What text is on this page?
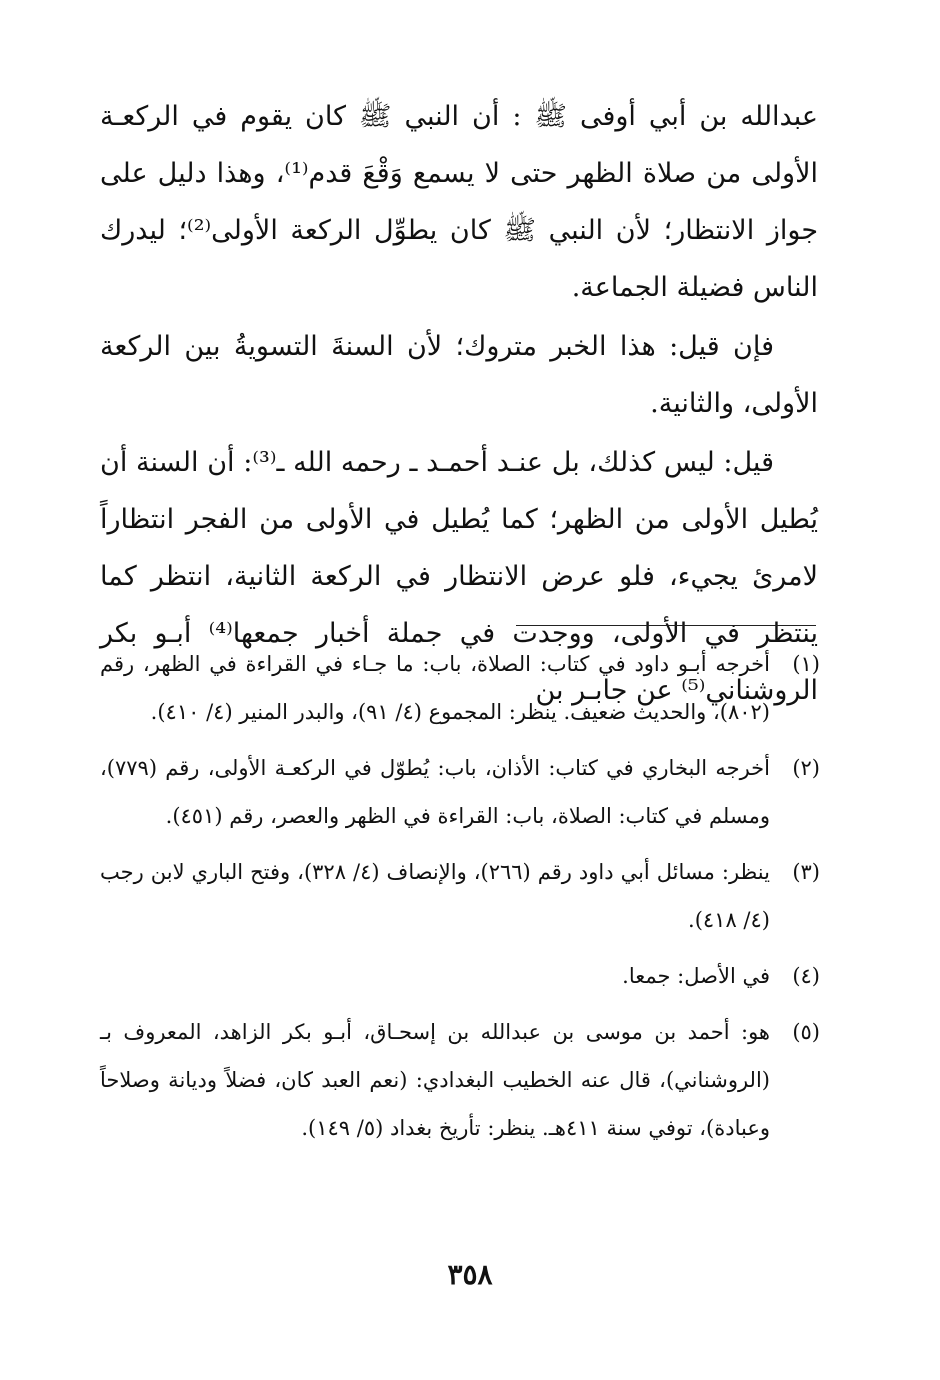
عبدالله بن أبي أوفى ﷺ : أن النبي ﷺ كان يقوم في الركعـة الأولى من صلاة الظهر حتى لا يسمع وَقْعَ قدم⁽¹⁾، وهذا دليل على جواز الانتظار؛ لأن النبي ﷺ كان يطوِّل الركعة الأولى⁽²⁾؛ ليدرك الناس فضيلة الجماعة.

فإن قيل: هذا الخبر متروك؛ لأن السنةَ التسويةُ بين الركعة الأولى، والثانية.

قيل: ليس كذلك، بل عنـد أحمـد ـ رحمه الله ـ⁽³⁾: أن السنة أن يُطيل الأولى من الظهر؛ كما يُطيل في الأولى من الفجر انتظاراً لامرئ يجيء، فلو عرض الانتظار في الركعة الثانية، انتظر كما ينتظر في الأولى، ووجدت في جملة أخبار جمعها⁽⁴⁾ أبـو بكر الروشناني⁽⁵⁾ عن جابـر بن

(١)
أخرجه أبـو داود في كتاب: الصلاة، باب: ما جـاء في القراءة في الظهر، رقم (٨٠٢)، والحديث ضعيف. ينظر: المجموع (٤/ ٩١)، والبدر المنير (٤/ ٤١٠).
(٢)
أخرجه البخاري في كتاب: الأذان، باب: يُطوّل في الركعـة الأولى، رقم (٧٧٩)، ومسلم في كتاب: الصلاة، باب: القراءة في الظهر والعصر، رقم (٤٥١).
(٣)
ينظر: مسائل أبي داود رقم (٢٦٦)، والإنصاف (٤/ ٣٢٨)، وفتح الباري لابن رجب (٤/ ٤١٨).
(٤)
في الأصل: جمعا.
(٥)
هو: أحمد بن موسى بن عبدالله بن إسحـاق، أبـو بكر الزاهد، المعروف بـ (الروشناني)، قال عنه الخطيب البغدادي: (نعم العبد كان، فضلاً وديانة وصلاحاً وعبادة)، توفي سنة ٤١١هـ. ينظر: تأريخ بغداد (٥/ ١٤٩).
٣٥٨
